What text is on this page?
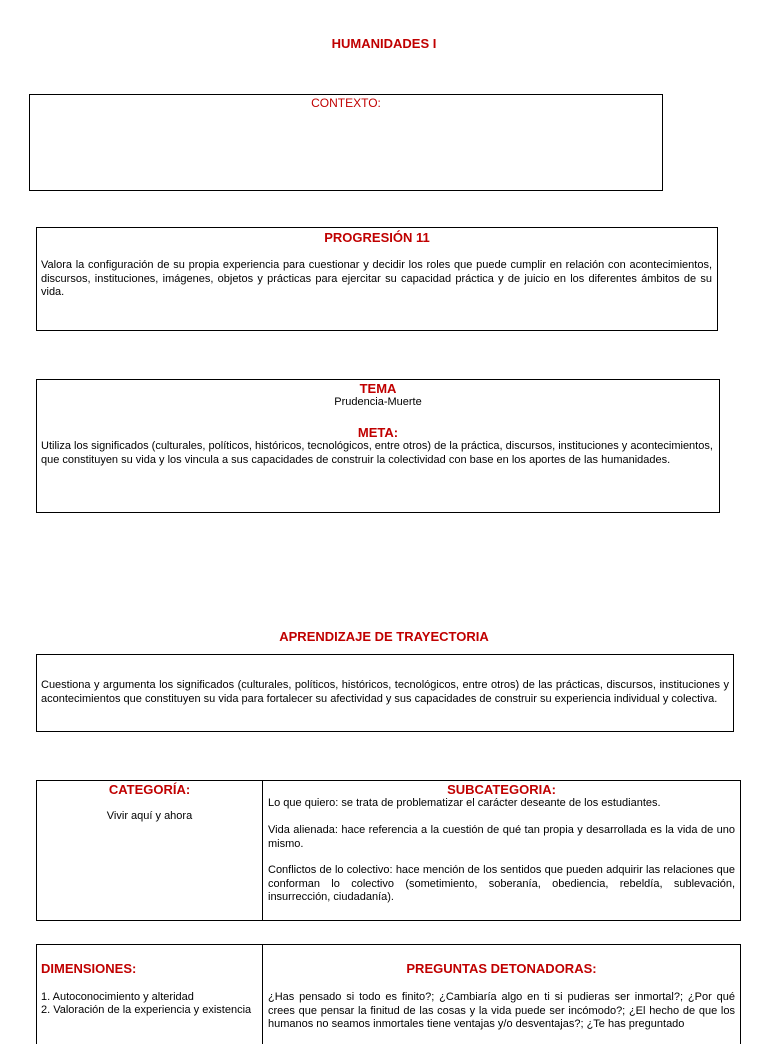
HUMANIDADES I
CONTEXTO:
PROGRESIÓN 11

Valora la configuración de su propia experiencia para cuestionar y decidir los roles que puede cumplir en relación con acontecimientos, discursos, instituciones, imágenes, objetos y prácticas para ejercitar su capacidad práctica y de juicio en los diferentes ámbitos de su vida.

TEMA
Prudencia-Muerte
META:

Utiliza los significados (culturales, políticos, históricos, tecnológicos, entre otros) de la práctica, discursos, instituciones y acontecimientos, que constituyen su vida y los vincula a sus capacidades de construir la colectividad con base en los aportes de las humanidades.

APRENDIZAJE DE TRAYECTORIA

Cuestiona y argumenta los significados (culturales, políticos, históricos, tecnológicos, entre otros) de las prácticas, discursos, instituciones y acontecimientos que constituyen su vida para fortalecer su afectividad y sus capacidades de construir su experiencia individual y colectiva.

CATEGORÍA:
Vivir aquí y ahora
SUBCATEGORIA:

Lo que quiero: se trata de problematizar el carácter deseante de los estudiantes.

Vida alienada: hace referencia a la cuestión de qué tan propia y desarrollada es la vida de uno mismo.

Conflictos de lo colectivo: hace mención de los sentidos que pueden adquirir las relaciones que conforman lo colectivo (sometimiento, soberanía, obediencia, rebeldía, sublevación, insurrección, ciudadanía).

DIMENSIONES:

1. Autoconocimiento y alteridad

2. Valoración de la experiencia y existencia

PREGUNTAS DETONADORAS:

¿Has pensado si todo es finito?; ¿Cambiaría algo en ti si pudieras ser inmortal?; ¿Por qué crees que pensar la finitud de las cosas y la vida puede ser incómodo?; ¿El hecho de que los humanos no seamos inmortales tiene ventajas y/o desventajas?; ¿Te has preguntado
